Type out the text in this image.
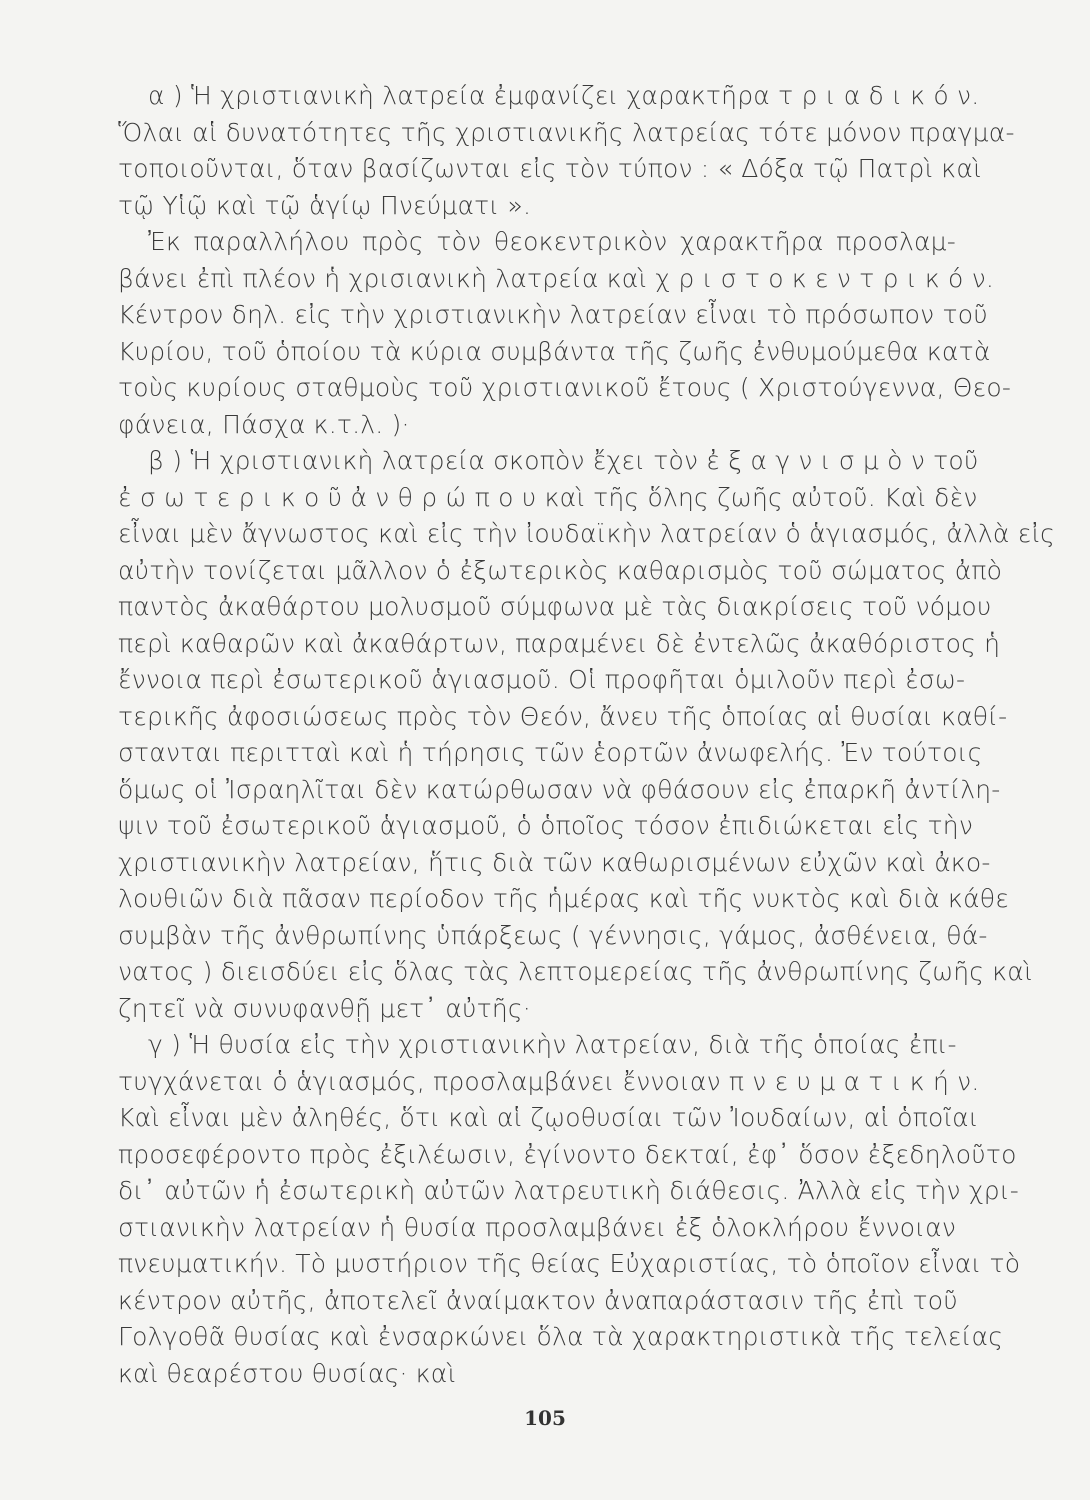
α ) Ἡ χριστιανικὴ λατρεία ἐμφανίζει χαρακτῆρα τ ρ ι α δ ι κ ό ν.
Ὅλαι αἱ δυνατότητες τῆς χριστιανικῆς λατρείας τότε μόνον πραγμα-
τοποιοῦνται, ὅταν βασίζωνται εἰς τὸν τύπον : « Δόξα τῷ Πατρὶ καὶ
τῷ Υἱῷ καὶ τῷ ἁγίῳ Πνεύματι ».
Ἐκ παραλλήλου πρὸς τὸν θεοκεντρικὸν χαρακτῆρα προσλαμ-
βάνει ἐπὶ πλέον ἡ χρισιανικὴ λατρεία καὶ χ ρ ι σ τ ο κ ε ν τ ρ ι κ ό ν.
Κέντρον δηλ. εἰς τὴν χριστιανικὴν λατρείαν εἶναι τὸ πρόσωπον τοῦ
Κυρίου, τοῦ ὁποίου τὰ κύρια συμβάντα τῆς ζωῆς ἐνθυμούμεθα κατὰ
τοὺς κυρίους σταθμοὺς τοῦ χριστιανικοῦ ἔτους ( Χριστούγεννα, Θεο-
φάνεια, Πάσχα κ.τ.λ. )·
β ) Ἡ χριστιανικὴ λατρεία σκοπὸν ἔχει τὸν ἐ ξ α γ ν ι σ μ ὸ ν τοῦ
ἐ σ ω τ ε ρ ι κ ο ῦ ἀ ν θ ρ ώ π ο υ καὶ τῆς ὅλης ζωῆς αὐτοῦ. Καὶ δὲν
εἶναι μὲν ἄγνωστος καὶ εἰς τὴν ἰουδαϊκὴν λατρείαν ὁ ἁγιασμός, ἀλλὰ εἰς
αὐτὴν τονίζεται μᾶλλον ὁ ἐξωτερικὸς καθαρισμὸς τοῦ σώματος ἀπὸ
παντὸς ἀκαθάρτου μολυσμοῦ σύμφωνα μὲ τὰς διακρίσεις τοῦ νόμου
περὶ καθαρῶν καὶ ἀκαθάρτων, παραμένει δὲ ἐντελῶς ἀκαθόριστος ἡ
ἔννοια περὶ ἐσωτερικοῦ ἁγιασμοῦ. Οἱ προφῆται ὁμιλοῦν περὶ ἐσω-
τερικῆς ἀφοσιώσεως πρὸς τὸν Θεόν, ἄνευ τῆς ὁποίας αἱ θυσίαι καθί-
στανται περιτταὶ καὶ ἡ τήρησις τῶν ἑορτῶν ἀνωφελής. Ἐν τούτοις
ὅμως οἱ Ἰσραηλῖται δὲν κατώρθωσαν νὰ φθάσουν εἰς ἐπαρκῆ ἀντίλη-
ψιν τοῦ ἐσωτερικοῦ ἁγιασμοῦ, ὁ ὁποῖος τόσον ἐπιδιώκεται εἰς τὴν
χριστιανικὴν λατρείαν, ἥτις διὰ τῶν καθωρισμένων εὐχῶν καὶ ἀκο-
λουθιῶν διὰ πᾶσαν περίοδον τῆς ἡμέρας καὶ τῆς νυκτὸς καὶ διὰ κάθε
συμβὰν τῆς ἀνθρωπίνης ὑπάρξεως ( γέννησις, γάμος, ἀσθένεια, θά-
νατος ) διεισδύει εἰς ὅλας τὰς λεπτομερείας τῆς ἀνθρωπίνης ζωῆς καὶ
ζητεῖ νὰ συνυφανθῇ μετ᾽ αὐτῆς·
γ ) Ἡ θυσία εἰς τὴν χριστιανικὴν λατρείαν, διὰ τῆς ὁποίας ἐπι-
τυγχάνεται ὁ ἁγιασμός, προσλαμβάνει ἔννοιαν π ν ε υ μ α τ ι κ ή ν.
Καὶ εἶναι μὲν ἀληθές, ὅτι καὶ αἱ ζῳοθυσίαι τῶν Ἰουδαίων, αἱ ὁποῖαι
προσεφέροντο πρὸς ἐξιλέωσιν, ἐγίνοντο δεκταί, ἐφ᾽ ὅσον ἐξεδηλοῦτο
δι᾽ αὐτῶν ἡ ἐσωτερικὴ αὐτῶν λατρευτικὴ διάθεσις. Ἀλλὰ εἰς τὴν χρι-
στιανικὴν λατρείαν ἡ θυσία προσλαμβάνει ἐξ ὁλοκλήρου ἔννοιαν
πνευματικήν. Τὸ μυστήριον τῆς θείας Εὐχαριστίας, τὸ ὁποῖον εἶναι τὸ
κέντρον αὐτῆς, ἀποτελεῖ ἀναίμακτον ἀναπαράστασιν τῆς ἐπὶ τοῦ
Γολγοθᾶ θυσίας καὶ ἐνσαρκώνει ὅλα τὰ χαρακτηριστικὰ τῆς τελείας
καὶ θεαρέστου θυσίας· καὶ
105
